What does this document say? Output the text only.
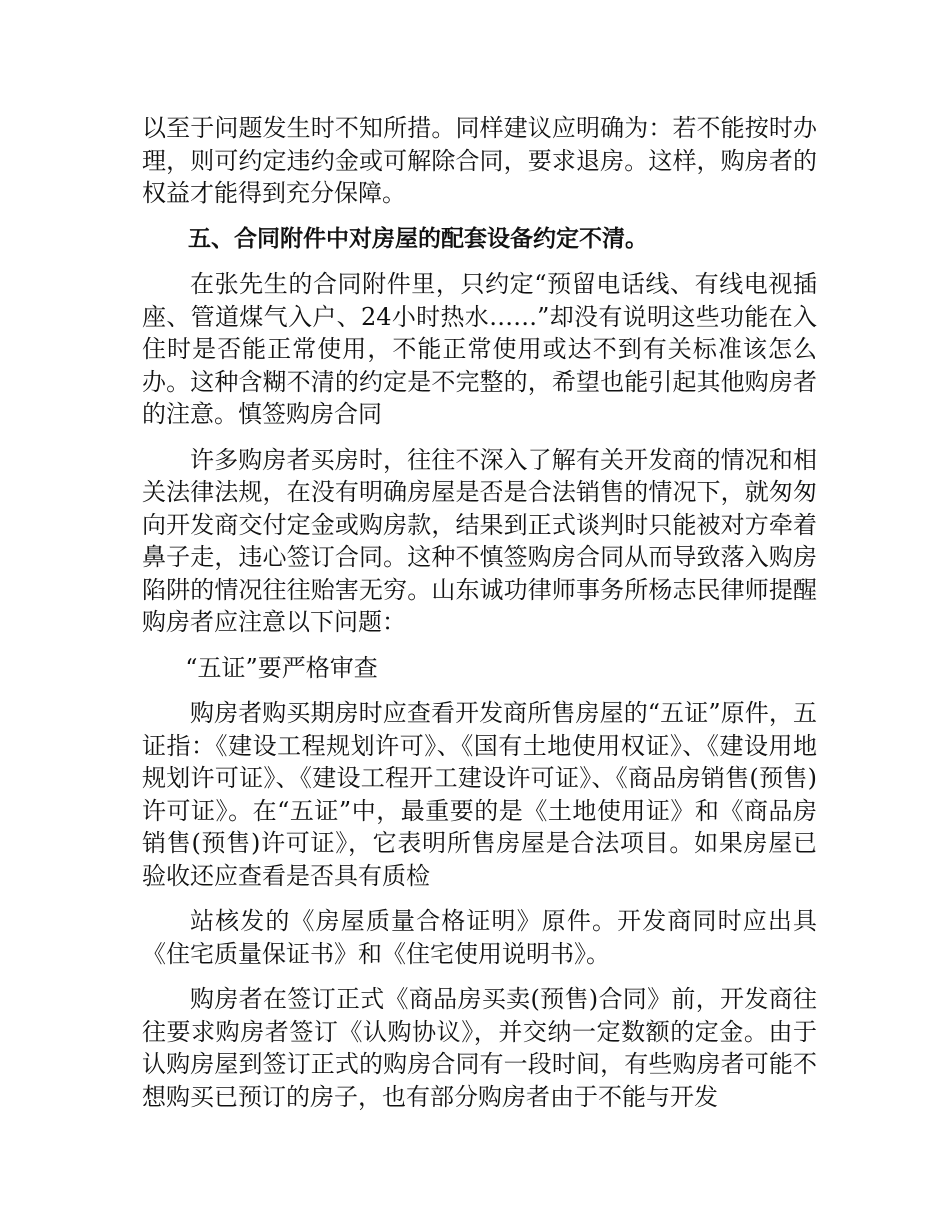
以至于问题发生时不知所措。同样建议应明确为：若不能按时办理，则可约定违约金或可解除合同，要求退房。这样，购房者的权益才能得到充分保障。

五、合同附件中对房屋的配套设备约定不清。

在张先生的合同附件里，只约定“预留电话线、有线电视插座、管道煤气入户、24小时热水……”却没有说明这些功能在入住时是否能正常使用，不能正常使用或达不到有关标准该怎么办。这种含糊不清的约定是不完整的，希望也能引起其他购房者的注意。慎签购房合同

许多购房者买房时，往往不深入了解有关开发商的情况和相关法律法规，在没有明确房屋是否是合法销售的情况下，就匆匆向开发商交付定金或购房款，结果到正式谈判时只能被对方牵着鼻子走，违心签订合同。这种不慎签购房合同从而导致落入购房陷阱的情况往往贻害无穷。山东诚功律师事务所杨志民律师提醒购房者应注意以下问题：

“五证”要严格审查

购房者购买期房时应查看开发商所售房屋的“五证”原件，五证指：《建设工程规划许可》、《国有土地使用权证》、《建设用地规划许可证》、《建设工程开工建设许可证》、《商品房销售(预售)许可证》。在“五证”中，最重要的是《土地使用证》和《商品房销售(预售)许可证》，它表明所售房屋是合法项目。如果房屋已验收还应查看是否具有质检

站核发的《房屋质量合格证明》原件。开发商同时应出具《住宅质量保证书》和《住宅使用说明书》。

购房者在签订正式《商品房买卖(预售)合同》前，开发商往往要求购房者签订《认购协议》，并交纳一定数额的定金。由于认购房屋到签订正式的购房合同有一段时间，有些购房者可能不想购买已预订的房子，也有部分购房者由于不能与开发
